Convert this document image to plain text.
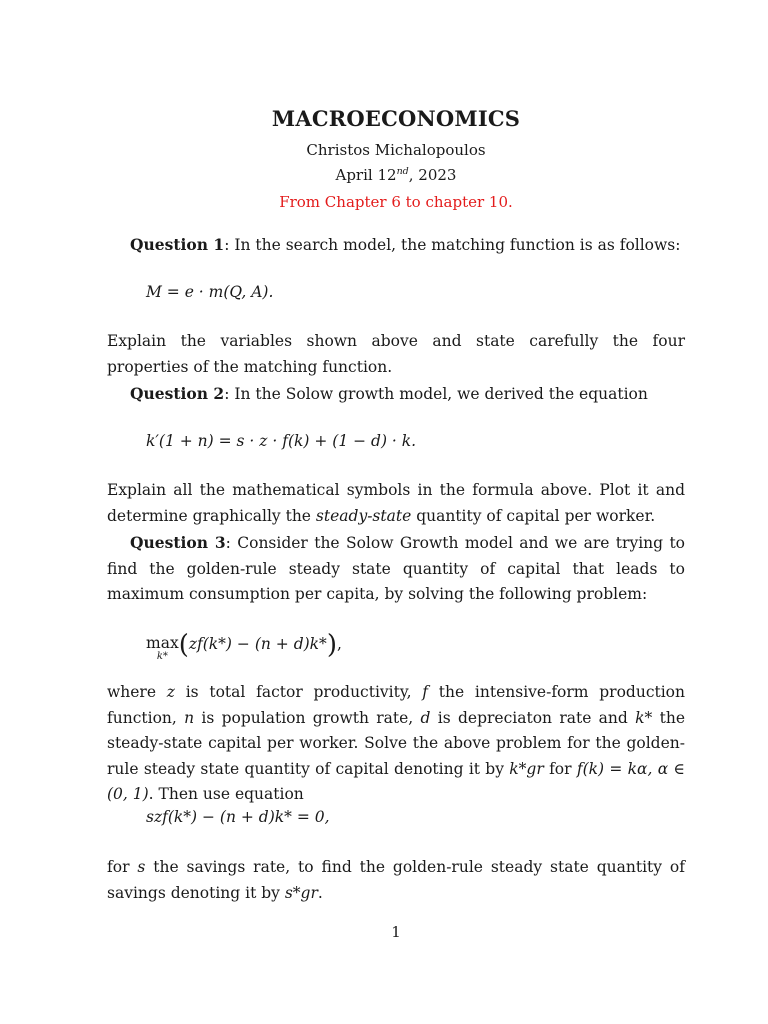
MACROECONOMICS
Christos Michalopoulos
April 12nd, 2023
From Chapter 6 to chapter 10.
Question 1: In the search model, the matching function is as follows:
M = e · m(Q, A).
Explain the variables shown above and state carefully the four properties of the matching function.
Question 2: In the Solow growth model, we derived the equation
k′(1 + n) = s · z · f(k) + (1 − d) · k.
Explain all the mathematical symbols in the formula above. Plot it and determine graphically the steady-state quantity of capital per worker.
Question 3: Consider the Solow Growth model and we are trying to find the golden-rule steady state quantity of capital that leads to maximum consumption per capita, by solving the following problem:
max
k* (zf(k*) − (n + d)k*),
where z is total factor productivity, f the intensive-form production function, n is population growth rate, d is depreciaton rate and k* the steady-state capital per worker. Solve the above problem for the golden-rule steady state quantity of capital denoting it by k*gr for f(k) = kα, α ∈ (0, 1). Then use equation
szf(k*) − (n + d)k* = 0,
for s the savings rate, to find the golden-rule steady state quantity of savings denoting it by s*gr.
1
